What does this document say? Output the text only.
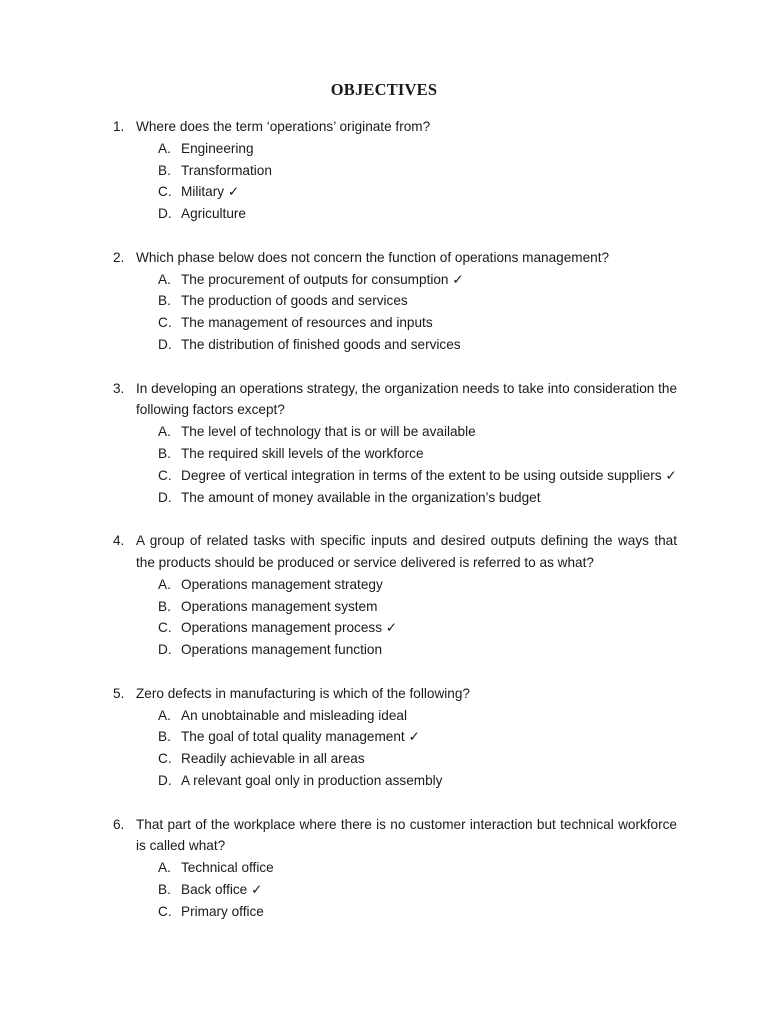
OBJECTIVES
1. Where does the term ‘operations’ originate from?
A. Engineering
B. Transformation
C. Military ✓
D. Agriculture
2. Which phase below does not concern the function of operations management?
A. The procurement of outputs for consumption ✓
B. The production of goods and services
C. The management of resources and inputs
D. The distribution of finished goods and services
3. In developing an operations strategy, the organization needs to take into consideration the following factors except?
A. The level of technology that is or will be available
B. The required skill levels of the workforce
C. Degree of vertical integration in terms of the extent to be using outside suppliers ✓
D. The amount of money available in the organization’s budget
4. A group of related tasks with specific inputs and desired outputs defining the ways that the products should be produced or service delivered is referred to as what?
A. Operations management strategy
B. Operations management system
C. Operations management process ✓
D. Operations management function
5. Zero defects in manufacturing is which of the following?
A. An unobtainable and misleading ideal
B. The goal of total quality management ✓
C. Readily achievable in all areas
D. A relevant goal only in production assembly
6. That part of the workplace where there is no customer interaction but technical workforce is called what?
A. Technical office
B. Back office ✓
C. Primary office
